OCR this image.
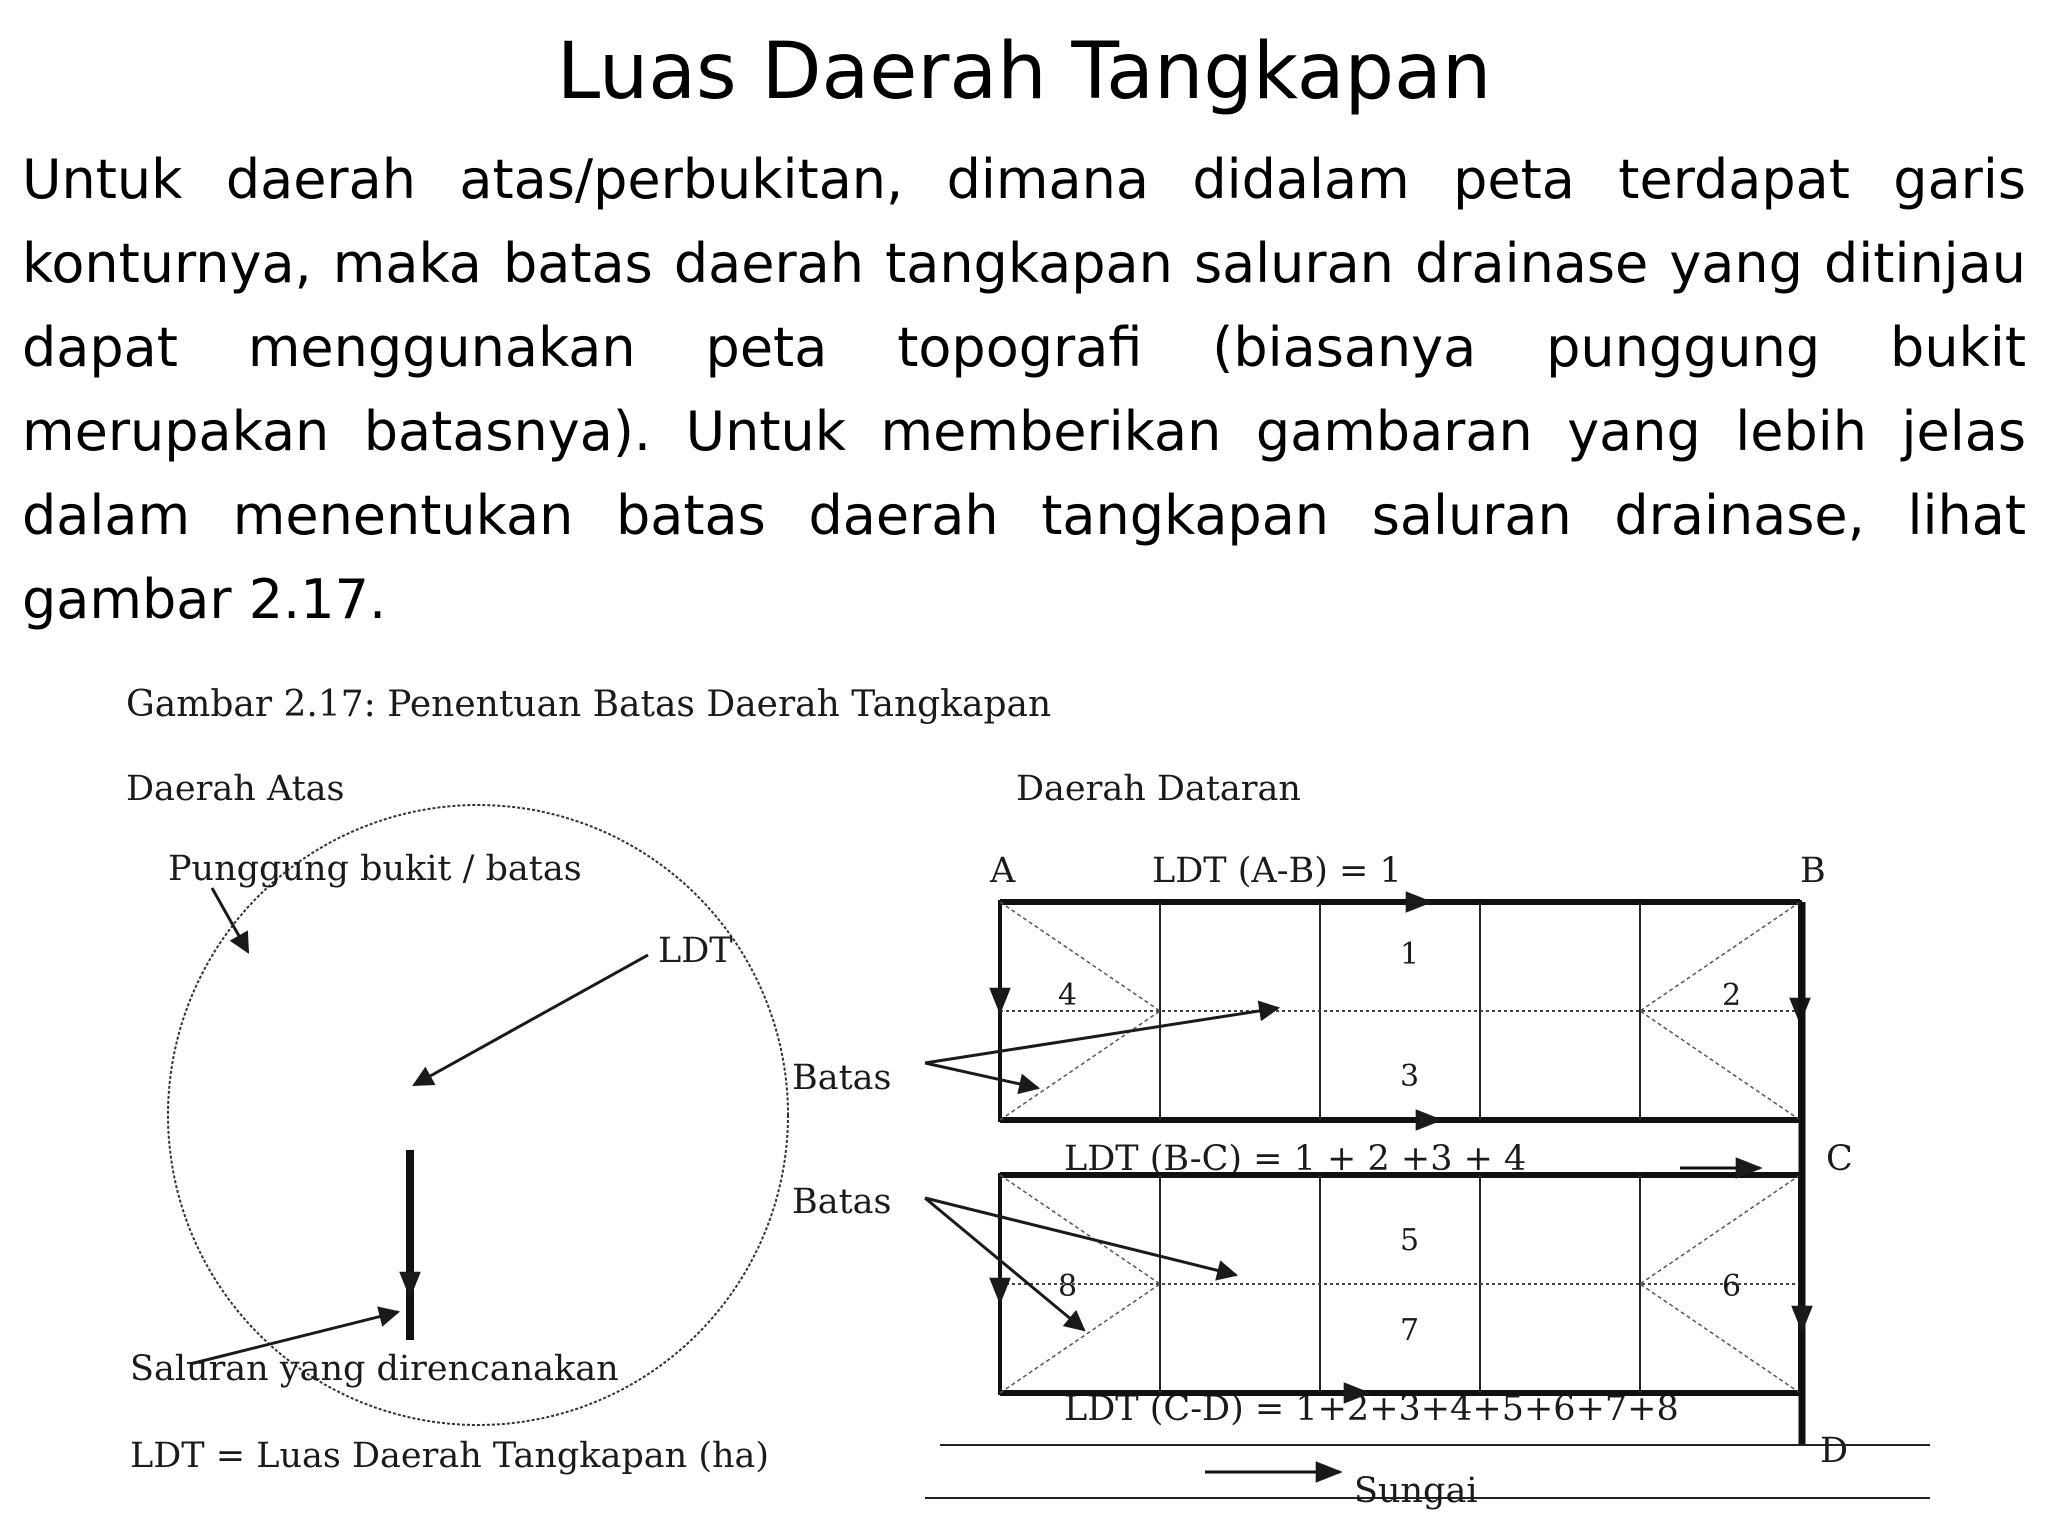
Luas Daerah Tangkapan

Untuk daerah atas/perbukitan, dimana didalam peta terdapat garis konturnya, maka batas daerah tangkapan saluran drainase yang ditinjau dapat menggunakan peta topografi (biasanya punggung bukit merupakan batasnya). Untuk memberikan gambaran yang lebih jelas dalam menentukan batas daerah tangkapan saluran drainase, lihat gambar 2.17.

Gambar 2.17: Penentuan Batas Daerah Tangkapan
Daerah Atas	Daerah Dataran
Punggung bukit / batas
LDT
Saluran yang direncanakan
LDT = Luas Daerah Tangkapan (ha)
A	B
C
D
LDT (A-B) = 1
LDT (B-C) = 1 + 2 +3 + 4
LDT (C-D) = 1+2+3+4+5+6+7+8
1
2
3
4
5
6
7
8
Batas
Batas
Sungai
